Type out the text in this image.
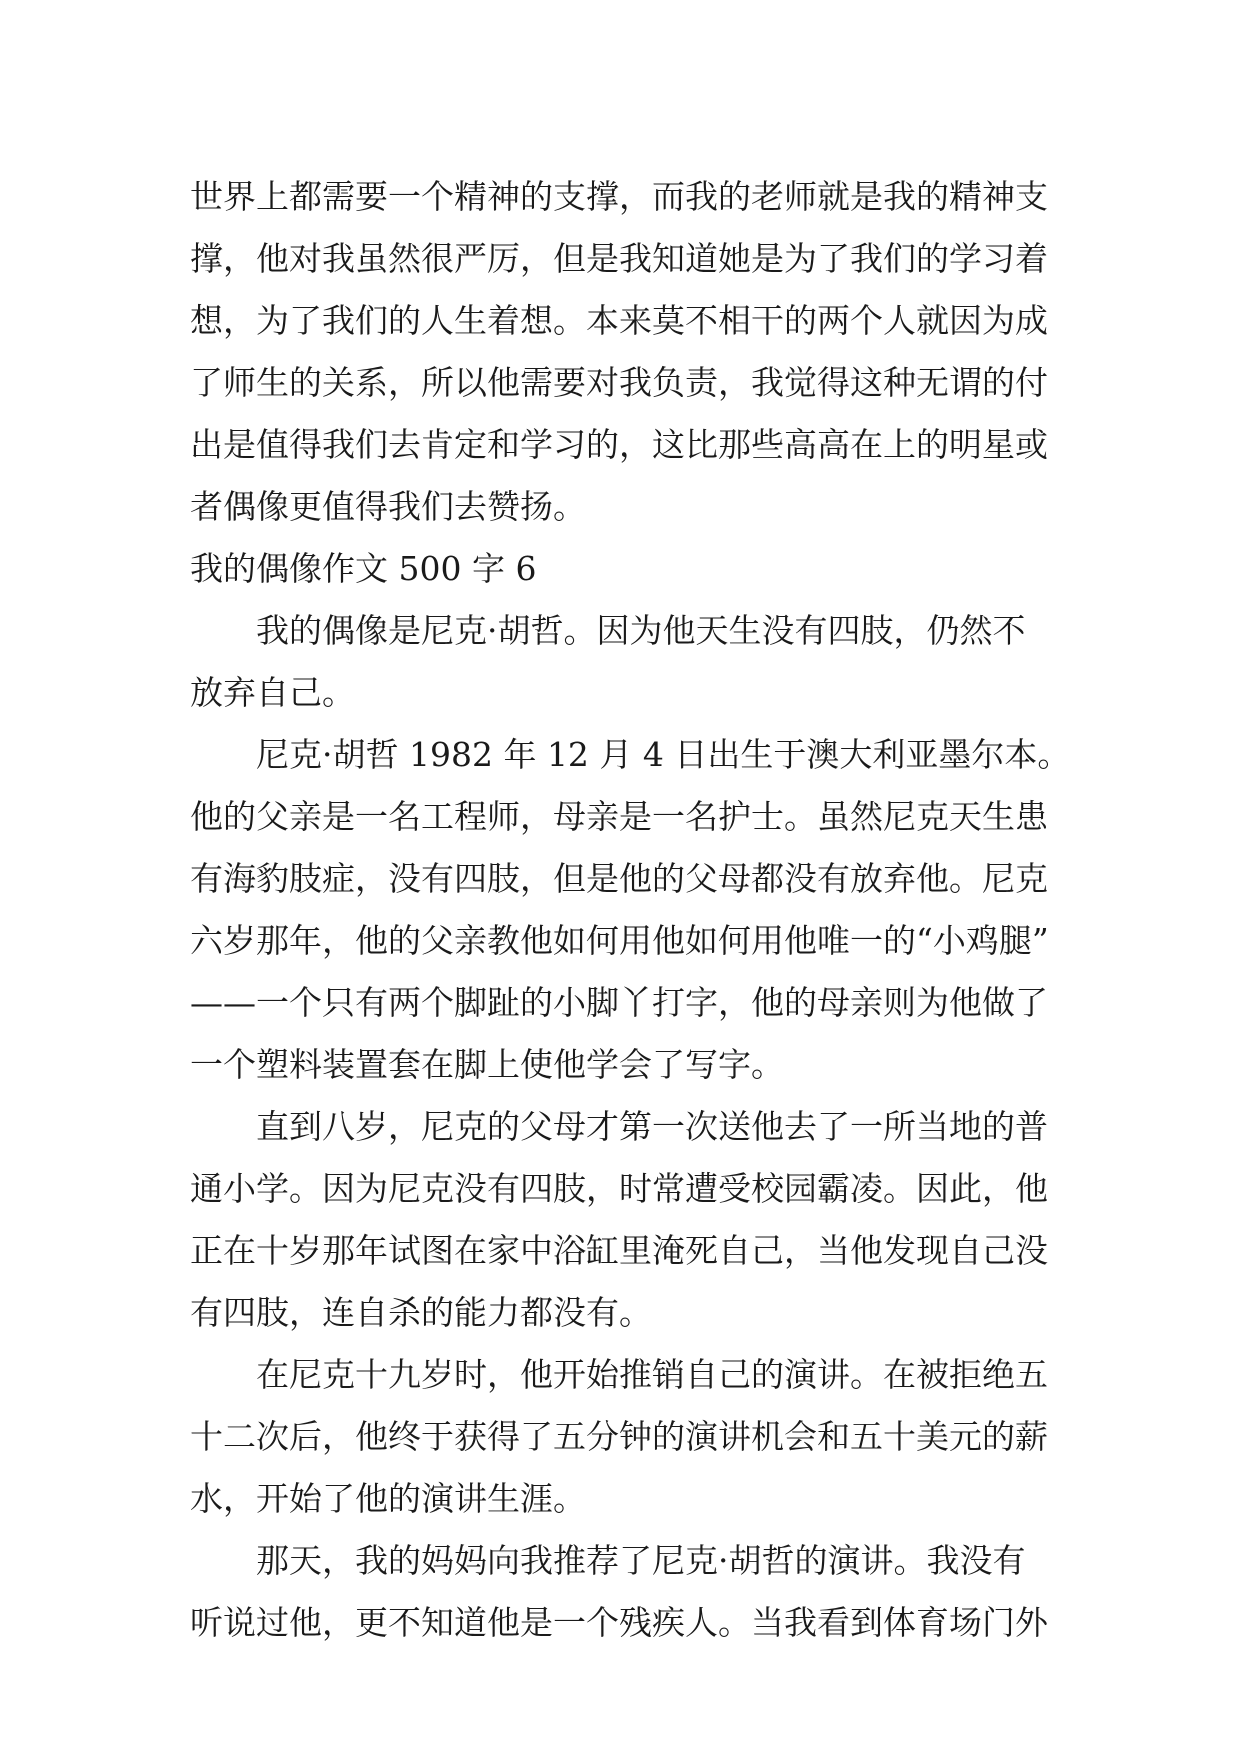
世界上都需要一个精神的支撑，而我的老师就是我的精神支
撑，他对我虽然很严厉，但是我知道她是为了我们的学习着
想，为了我们的人生着想。本来莫不相干的两个人就因为成
了师生的关系，所以他需要对我负责，我觉得这种无谓的付
出是值得我们去肯定和学习的，这比那些高高在上的明星或
者偶像更值得我们去赞扬。
我的偶像作文 500 字 6
我的偶像是尼克·胡哲。因为他天生没有四肢，仍然不
放弃自己。
尼克·胡哲 1982 年 12 月 4 日出生于澳大利亚墨尔本。
他的父亲是一名工程师，母亲是一名护士。虽然尼克天生患
有海豹肢症，没有四肢，但是他的父母都没有放弃他。尼克
六岁那年，他的父亲教他如何用他如何用他唯一的“小鸡腿”
——一个只有两个脚趾的小脚丫打字，他的母亲则为他做了
一个塑料装置套在脚上使他学会了写字。
直到八岁，尼克的父母才第一次送他去了一所当地的普
通小学。因为尼克没有四肢，时常遭受校园霸凌。因此，他
正在十岁那年试图在家中浴缸里淹死自己，当他发现自己没
有四肢，连自杀的能力都没有。
在尼克十九岁时，他开始推销自己的演讲。在被拒绝五
十二次后，他终于获得了五分钟的演讲机会和五十美元的薪
水，开始了他的演讲生涯。
那天，我的妈妈向我推荐了尼克·胡哲的演讲。我没有
听说过他，更不知道他是一个残疾人。当我看到体育场门外
